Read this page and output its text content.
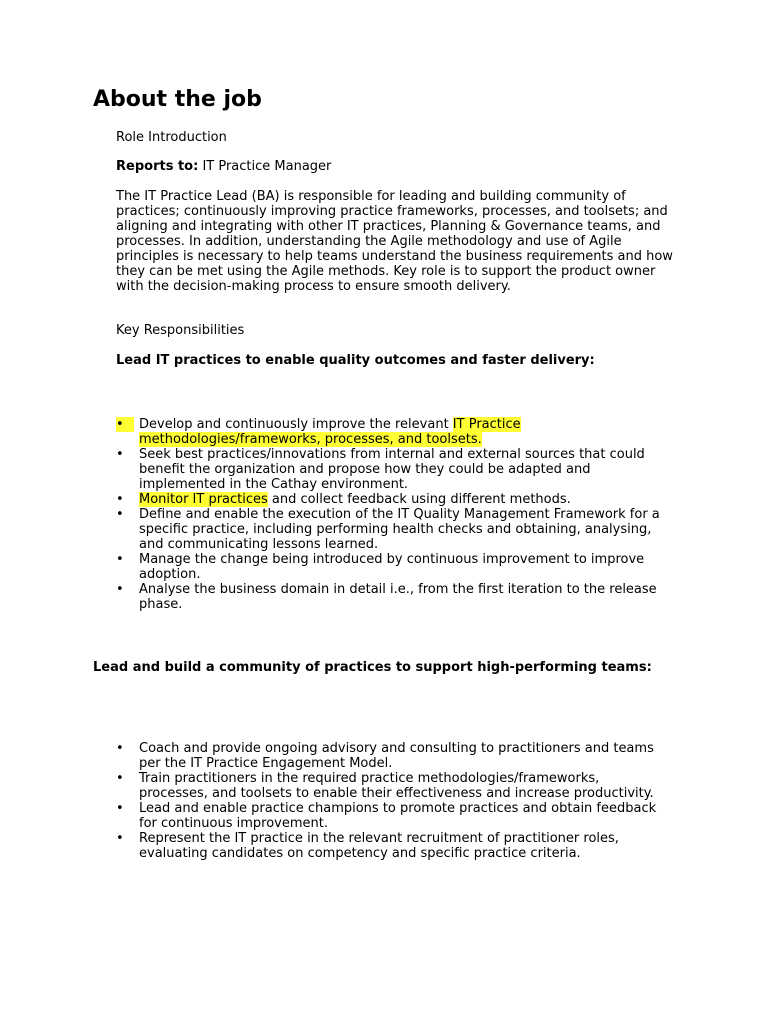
About the job

Role Introduction

Reports to: IT Practice Manager

The IT Practice Lead (BA) is responsible for leading and building community of practices; continuously improving practice frameworks, processes, and toolsets; and aligning and integrating with other IT practices, Planning & Governance teams, and processes. In addition, understanding the Agile methodology and use of Agile principles is necessary to help teams understand the business requirements and how they can be met using the Agile methods. Key role is to support the product owner with the decision-making process to ensure smooth delivery.

Key Responsibilities

Lead IT practices to enable quality outcomes and faster delivery:

•	Develop and continuously improve the relevant IT Practice methodologies/frameworks, processes, and toolsets.
•	Seek best practices/innovations from internal and external sources that could benefit the organization and propose how they could be adapted and implemented in the Cathay environment.
•	Monitor IT practices and collect feedback using different methods.
•	Define and enable the execution of the IT Quality Management Framework for a specific practice, including performing health checks and obtaining, analysing, and communicating lessons learned.
•	Manage the change being introduced by continuous improvement to improve adoption.
•	Analyse the business domain in detail i.e., from the first iteration to the release phase.

Lead and build a community of practices to support high-performing teams:

•	Coach and provide ongoing advisory and consulting to practitioners and teams per the IT Practice Engagement Model.
•	Train practitioners in the required practice methodologies/frameworks, processes, and toolsets to enable their effectiveness and increase productivity.
•	Lead and enable practice champions to promote practices and obtain feedback for continuous improvement.
•	Represent the IT practice in the relevant recruitment of practitioner roles, evaluating candidates on competency and specific practice criteria.
